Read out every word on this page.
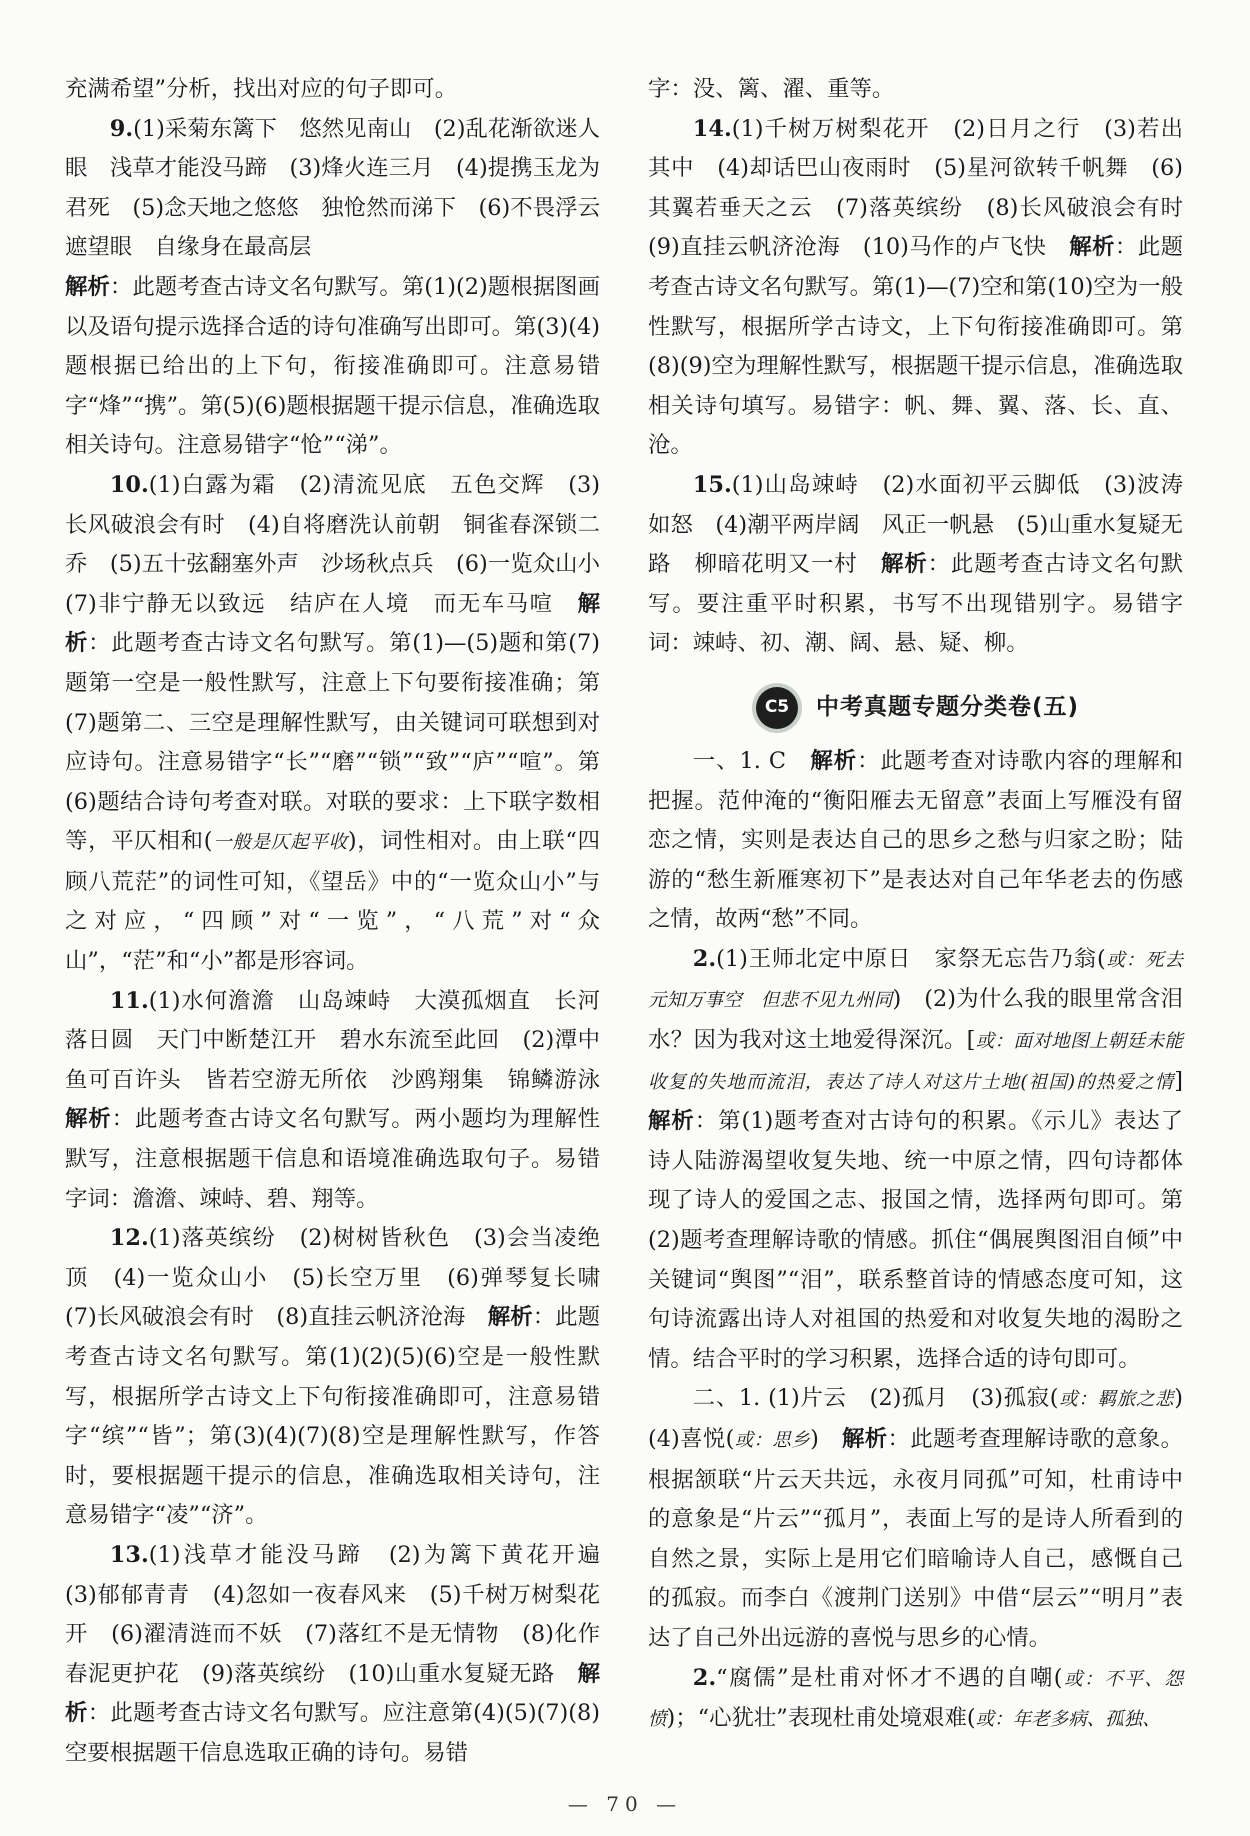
充满希望”分析，找出对应的句子即可。

9.(1)采菊东篱下　悠然见南山　(2)乱花渐欲迷人眼　浅草才能没马蹄　(3)烽火连三月　(4)提携玉龙为君死　(5)念天地之悠悠　独怆然而涕下　(6)不畏浮云遮望眼　自缘身在最高层

解析：此题考查古诗文名句默写。第(1)(2)题根据图画以及语句提示选择合适的诗句准确写出即可。第(3)(4)题根据已给出的上下句，衔接准确即可。注意易错字“烽”“携”。第(5)(6)题根据题干提示信息，准确选取相关诗句。注意易错字“怆”“涕”。

10.(1)白露为霜　(2)清流见底　五色交辉　(3)长风破浪会有时　(4)自将磨洗认前朝　铜雀春深锁二乔　(5)五十弦翻塞外声　沙场秋点兵　(6)一览众山小　(7)非宁静无以致远　结庐在人境　而无车马喧　解析：此题考查古诗文名句默写。第(1)—(5)题和第(7)题第一空是一般性默写，注意上下句要衔接准确；第(7)题第二、三空是理解性默写，由关键词可联想到对应诗句。注意易错字“长”“磨”“锁”“致”“庐”“喧”。第(6)题结合诗句考查对联。对联的要求：上下联字数相等，平仄相和(一般是仄起平收)，词性相对。由上联“四顾八荒茫”的词性可知，《望岳》中的“一览众山小”与之对应，“四顾”对“一览”，“八荒”对“众山”，“茫”和“小”都是形容词。

11.(1)水何澹澹　山岛竦峙　大漠孤烟直　长河落日圆　天门中断楚江开　碧水东流至此回　(2)潭中鱼可百许头　皆若空游无所依　沙鸥翔集　锦鳞游泳　解析：此题考查古诗文名句默写。两小题均为理解性默写，注意根据题干信息和语境准确选取句子。易错字词：澹澹、竦峙、碧、翔等。

12.(1)落英缤纷　(2)树树皆秋色　(3)会当凌绝顶　(4)一览众山小　(5)长空万里　(6)弹琴复长啸　(7)长风破浪会有时　(8)直挂云帆济沧海　解析：此题考查古诗文名句默写。第(1)(2)(5)(6)空是一般性默写，根据所学古诗文上下句衔接准确即可，注意易错字“缤”“皆”；第(3)(4)(7)(8)空是理解性默写，作答时，要根据题干提示的信息，准确选取相关诗句，注意易错字“凌”“济”。

13.(1)浅草才能没马蹄　(2)为篱下黄花开遍　(3)郁郁青青　(4)忽如一夜春风来　(5)千树万树梨花开　(6)濯清涟而不妖　(7)落红不是无情物　(8)化作春泥更护花　(9)落英缤纷　(10)山重水复疑无路　解析：此题考查古诗文名句默写。应注意第(4)(5)(7)(8)空要根据题干信息选取正确的诗句。易错

字：没、篱、濯、重等。

14.(1)千树万树梨花开　(2)日月之行　(3)若出其中　(4)却话巴山夜雨时　(5)星河欲转千帆舞　(6)其翼若垂天之云　(7)落英缤纷　(8)长风破浪会有时　(9)直挂云帆济沧海　(10)马作的卢飞快　解析：此题考查古诗文名句默写。第(1)—(7)空和第(10)空为一般性默写，根据所学古诗文，上下句衔接准确即可。第(8)(9)空为理解性默写，根据题干提示信息，准确选取相关诗句填写。易错字：帆、舞、翼、落、长、直、沧。

15.(1)山岛竦峙　(2)水面初平云脚低　(3)波涛如怒　(4)潮平两岸阔　风正一帆悬　(5)山重水复疑无路　柳暗花明又一村　解析：此题考查古诗文名句默写。要注重平时积累，书写不出现错别字。易错字词：竦峙、初、潮、阔、悬、疑、柳。

C5	中考真题专题分类卷(五)

一、1. C　解析：此题考查对诗歌内容的理解和把握。范仲淹的“衡阳雁去无留意”表面上写雁没有留恋之情，实则是表达自己的思乡之愁与归家之盼；陆游的“愁生新雁寒初下”是表达对自己年华老去的伤感之情，故两“愁”不同。

2.(1)王师北定中原日　家祭无忘告乃翁(或：死去元知万事空　但悲不见九州同)　(2)为什么我的眼里常含泪水？因为我对这土地爱得深沉。[或：面对地图上朝廷未能收复的失地而流泪，表达了诗人对这片土地(祖国)的热爱之情]　解析：第(1)题考查对古诗句的积累。《示儿》表达了诗人陆游渴望收复失地、统一中原之情，四句诗都体现了诗人的爱国之志、报国之情，选择两句即可。第(2)题考查理解诗歌的情感。抓住“偶展舆图泪自倾”中关键词“舆图”“泪”，联系整首诗的情感态度可知，这句诗流露出诗人对祖国的热爱和对收复失地的渴盼之情。结合平时的学习积累，选择合适的诗句即可。

二、1. (1)片云　(2)孤月　(3)孤寂(或：羁旅之悲)　(4)喜悦(或：思乡)　解析：此题考查理解诗歌的意象。根据颔联“片云天共远，永夜月同孤”可知，杜甫诗中的意象是“片云”“孤月”，表面上写的是诗人所看到的自然之景，实际上是用它们暗喻诗人自己，感慨自己的孤寂。而李白《渡荆门送别》中借“层云”“明月”表达了自己外出远游的喜悦与思乡的心情。

2.“腐儒”是杜甫对怀才不遇的自嘲(或：不平、怨愤)；“心犹壮”表现杜甫处境艰难(或：年老多病、孤独、

— 70 —
